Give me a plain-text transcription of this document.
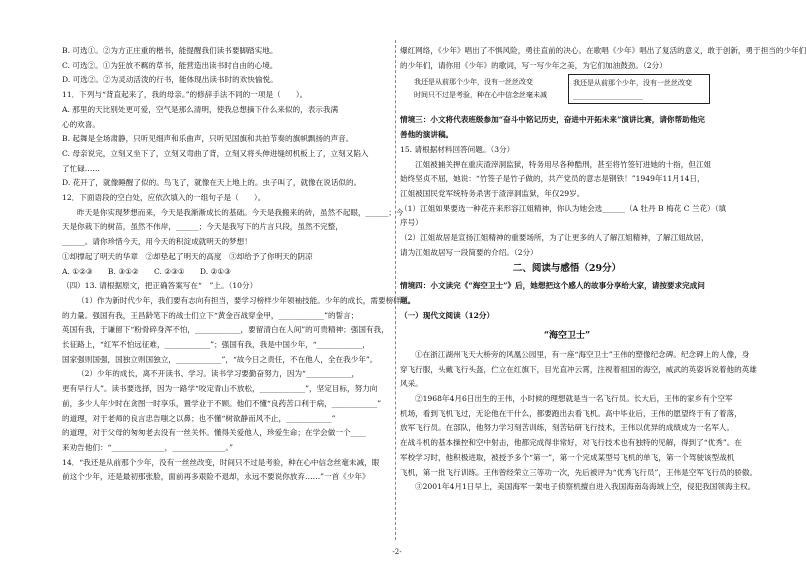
B. 可选①。②为方正庄重的楷书，能提醒我们读书要脚踏实地。
C. 可选②。①为狂放不羁的草书，能营造出读书时自由的心境。
D. 可选②。②为灵动活泼的行书，能体现出读书时的欢快愉悦。
11．下列与“背直起来了，我的母亲。”的修辞手法不同的一项是（　　）。
A. 那里的天比别处更可爱，空气是那么清明，使我总想摘下什么来似的，表示我满
心的欢喜。
B. 起舞是全场肃静，只听见细声和乐曲声，只听见国旗和共拍节奏的旗帜飘扬的声音。
C. 母亲说完，立刻又坐下了，立刻又弯曲了背，立刻又将头伸进缝纫机板上了，立刻又陷入
了忙碌……
D. 花开了，就像睡醒了似的。鸟飞了，就像在天上地上的。虫子叫了，就像在说话似的。
12．下面语段的空白处，应依次填入的一组句子是（　　）。
昨天是你实现梦想而来，今天是我渐渐成长的基础。今天是我搬来的砖，虽然不起眼，______；今
天是你栽下的树苗，虽然不伟岸，______；今天是我写下的片言只段，虽然不完整，
______。请你珍惜今天，用今天的积淀成就明天的梦想！
①却撑起了明天的华章　②却垫起了明天的高度　③却给予了你明天的阴凉
A. ①②③　　B. ③①②　　C. ②③①　　D. ②①③
（四）13. 请根据原文，把正确答案写在“　”上。（10分）
（1）作为新时代少年，我们要有志向有担当，要学习榜样少年领袖技能。少年的成长，需要榜样
的力量。强国有我，王昌龄笔下的战士们立下“黄金百战穿金甲，____________”的誓言；
英国有我，于谦留下“粉骨碎身浑不怕，____________，要留清白在人间”的可贵精神；强国有我，
长征路上，“红军不怕远征难，____________”；强国有我，我是中国少年，“____________，
国家强则国强，国独立则国独立，____________”，“故今日之责任，不在他人，全在我少年”。
（2）少年的成长，离不开读书、学习。读书学习要勤奋努力，因为“____________，
更有早行人”。读书要选择，因为一路学“咬定青山不放松，____________”，坚定目标，努力向
前，多少人年少时在贪图一时享乐，置学业于不顾。他们不懂“良药苦口利于病，____________”
的道理，对于老师的良言忠告嗤之以鼻；也不懂“树欲静而风不止，____________”
的道理，对于父母的匆匆老去没有一丝关怀。懂得关爱他人，珍爱生命；在学会做一个____
来劝告他们：“______________，______________。”
14．“我还是从前那个少年，没有一丝丝改变，时间只不过是考验，种在心中信念丝毫未减，眼
前这个少年，还是最初那张脸，面前再多艰险不退却，永远不要说你放弃……”一首《少年》
爆红网络，《少年》唱出了不惧风险，勇往直前的决心。在歌唱《少年》唱出了复活的意义，敢于创新，勇于担当的少年们
的少年们，请你用《少年》的歌词，写一写少年之美，为它们加油鼓劲。（2分）
我还是从前那个少年，没有一丝丝改变
时间只不过是考验，种在心中信念丝毫未减
我还是从前那个少年，没有一丝丝改变
____________________
情境三：小文将代表班级参加“奋斗中铭记历史，奋进中开拓未来”演讲比赛，请你帮助他完
善他的演讲稿。
15. 请根据材料回答问题。（3分）
江姐被捕关押在重庆渣滓洞监狱，特务用尽各种酷刑，甚至将竹签钉进她的十指，但江姐
始终坚贞不屈，她说：“竹签子是竹子做的，共产党员的意志是钢铁！”1949年11月14日，
江姐被国民党军统特务杀害于渣滓洞监狱，年仅29岁。
（1）江姐如果要选一种花卉来形容江姐精神，你认为她会选______（A 牡丹 B 梅花 C 兰花）（填
序号）
（2）江姐故居是宣扬江姐精神的重要场所，为了让更多的人了解江姐精神，了解江姐故居，
请为江姐故居写一段简要的介绍。（2分）
二、阅读与感悟（29分）
情境四：小文读完《“海空卫士”》后，她想把这个感人的故事分享给大家，请按要求完成问
题。
（一）现代文阅读（12分）
“海空卫士”
①在浙江湖州飞天大桥旁的风凰公园里，有一座“海空卫士”王伟的塑像纪念碑。纪念碑上的人像，身
穿飞行服，头戴飞行头盔，伫立在红旗下，目光直冲云霄，注视着祖国的海空，威武的英姿诉说着他的英雄
风采。
②1968年4月6日出生的王伟，小时候的理想就是当一名飞行员。长大后，王伟的家乡有个空军
机场，看到飞机飞过，无论他在干什么，都要跑出去看飞机。高中毕业后，王伟的愿望终于有了着落，
放军飞行员。在部队，他努力学习刻苦训练，刻苦钻研飞行技术，王伟以优异的成绩成为一名军人。
在战斗机的基本操控和空中射击，他都完成得非常好，对飞行技术也有独特的见解，得到了“优秀”。在
军校学习时，他积极进取，被授予多个“第一”，第一个完成某型号飞机的单飞，第一个驾驶该型战机
飞机，第一批飞行训练。王伟曾经荣立三等功一次，先后被评为“优秀飞行员”，王伟是空军飞行员的骄傲。
③2001年4月1日早上，美国海军一架电子侦察机擅自进入我国海南岛海域上空，侵犯我国领海主权。
-2-
